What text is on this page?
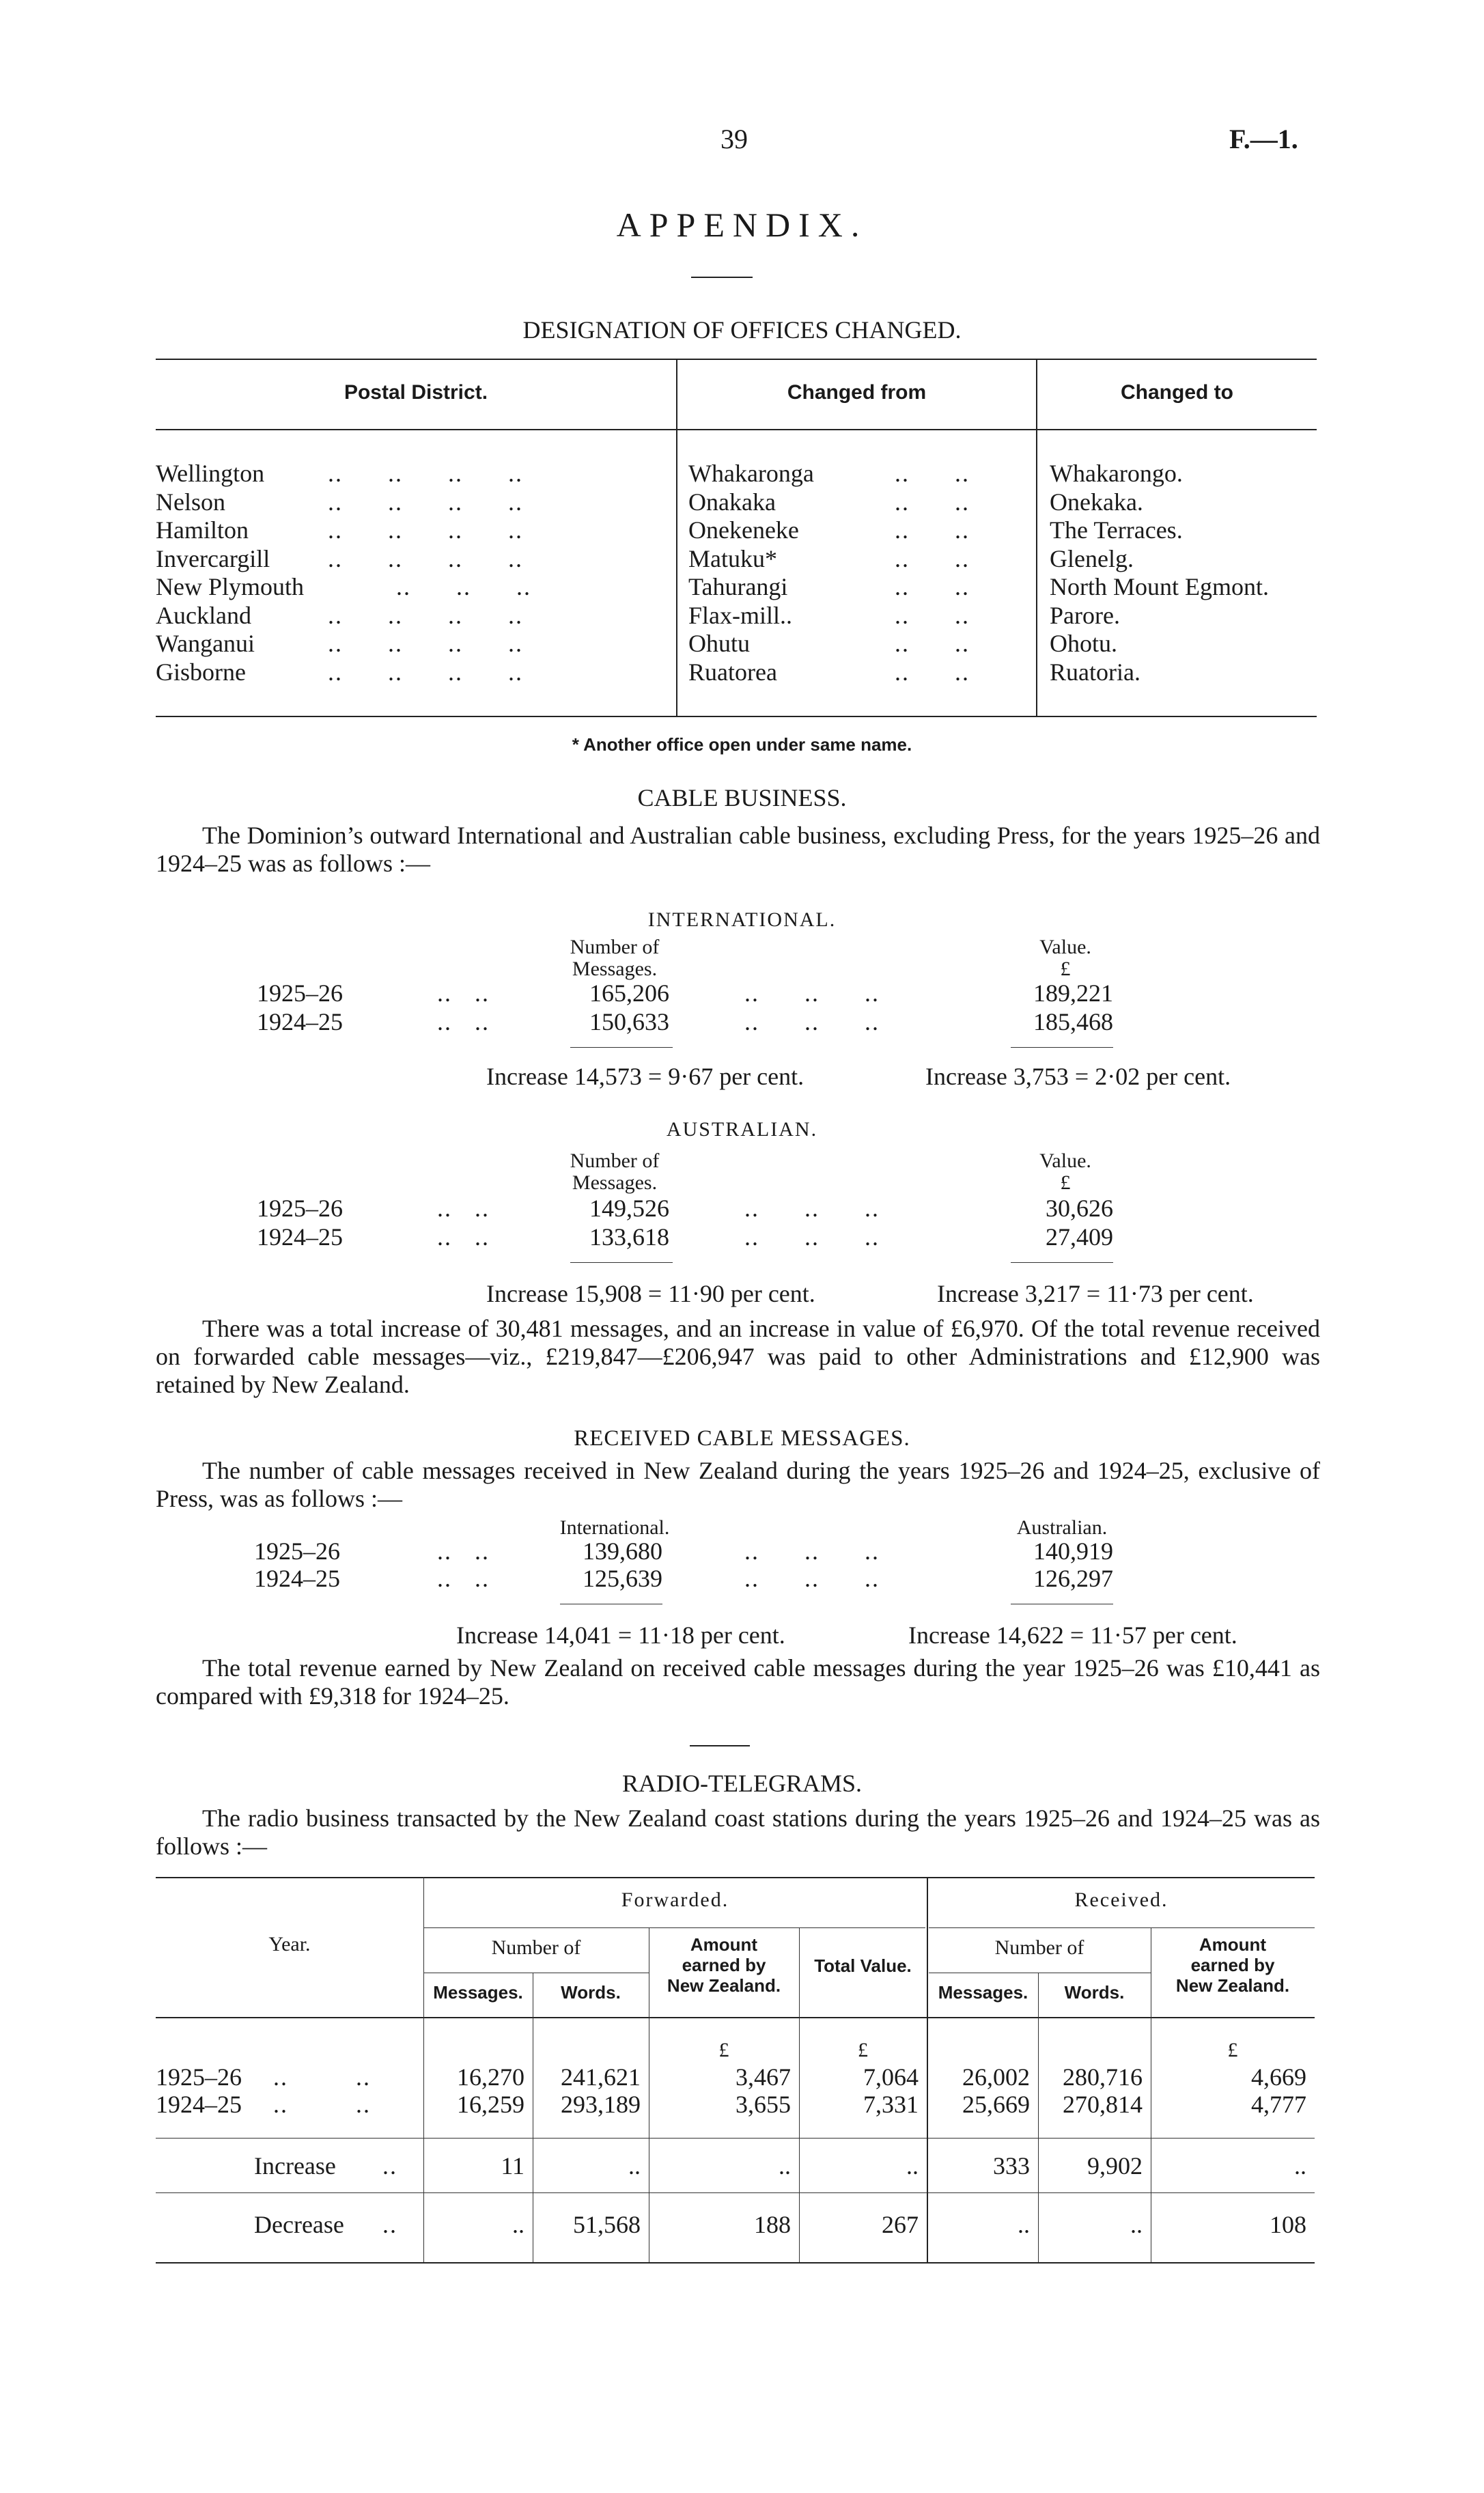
39	F.—1.
APPENDIX.
DESIGNATION OF OFFICES CHANGED.
Postal District.	Changed from	Changed to
Wellington	..      ..      ..      ..	Whakaronga	..      ..	Whakarongo.
Nelson	..      ..      ..      ..	Onakaka	..      ..	Onekaka.
Hamilton	..      ..      ..      ..	Onekeneke	..      ..	The Terraces.
Invercargill ..      ..      ..      ..	Matuku*	..      ..	Glenelg.
New Plymouth	..      ..      ..	Tahurangi	..      ..	North Mount Egmont.
Auckland	..      ..      ..      ..	Flax-mill..	..      ..	Parore.
Wanganui	..      ..      ..      ..	Ohutu	..      ..	Ohotu.
Gisborne	..      ..      ..      ..	Ruatorea	..      ..	Ruatoria.
* Another office open under same name.
CABLE BUSINESS.
The Dominion’s outward International and Australian cable business, excluding Press, for the years 1925–26 and 1924–25 was as follows :—
INTERNATIONAL.
Number of
Messages.
Value.
£
1925–26	..   ..	165,206	..      ..      ..	189,221
1924–25	..   ..	150,633	..      ..      ..	185,468
Increase 14,573 = 9·67 per cent.	Increase 3,753 = 2·02 per cent.
AUSTRALIAN.
Number of
Messages.
Value.
£
1925–26	..   ..	149,526	..      ..      ..	30,626
1924–25	..   ..	133,618	..      ..      ..	27,409
Increase 15,908 = 11·90 per cent.	Increase 3,217 = 11·73 per cent.
There was a total increase of 30,481 messages, and an increase in value of £6,970. Of the total revenue received on forwarded cable messages—viz., £219,847—£206,947 was paid to other Administrations and £12,900 was retained by New Zealand.
RECEIVED CABLE MESSAGES.
The number of cable messages received in New Zealand during the years 1925–26 and 1924–25, exclusive of Press, was as follows :—
International.	Australian.
1925–26	..   ..	139,680	..      ..      ..	140,919
1924–25	..   ..	125,639	..      ..      ..	126,297
Increase 14,041 = 11·18 per cent.	Increase 14,622 = 11·57 per cent.
The total revenue earned by New Zealand on received cable messages during the year 1925–26 was £10,441 as compared with £9,318 for 1924–25.
RADIO-TELEGRAMS.
The radio business transacted by the New Zealand coast stations during the years 1925–26 and 1924–25 was as follows :—
Year.
Forwarded.	Received.
Number of
Messages.	Words.
Amount
earned by
New Zealand.
Total Value.
Number of
Messages.	Words.
Amount
earned by
New Zealand.
£	£	£
1925–26 ..         ..	16,270	241,621	3,467	7,064	26,002	280,716	4,669
1924–25 ..         ..	16,259	293,189	3,655	7,331	25,669	270,814	4,777
Increase ..	11	..	..	..	333	9,902	..
Decrease ..	..	51,568	188	267	..	..	108
